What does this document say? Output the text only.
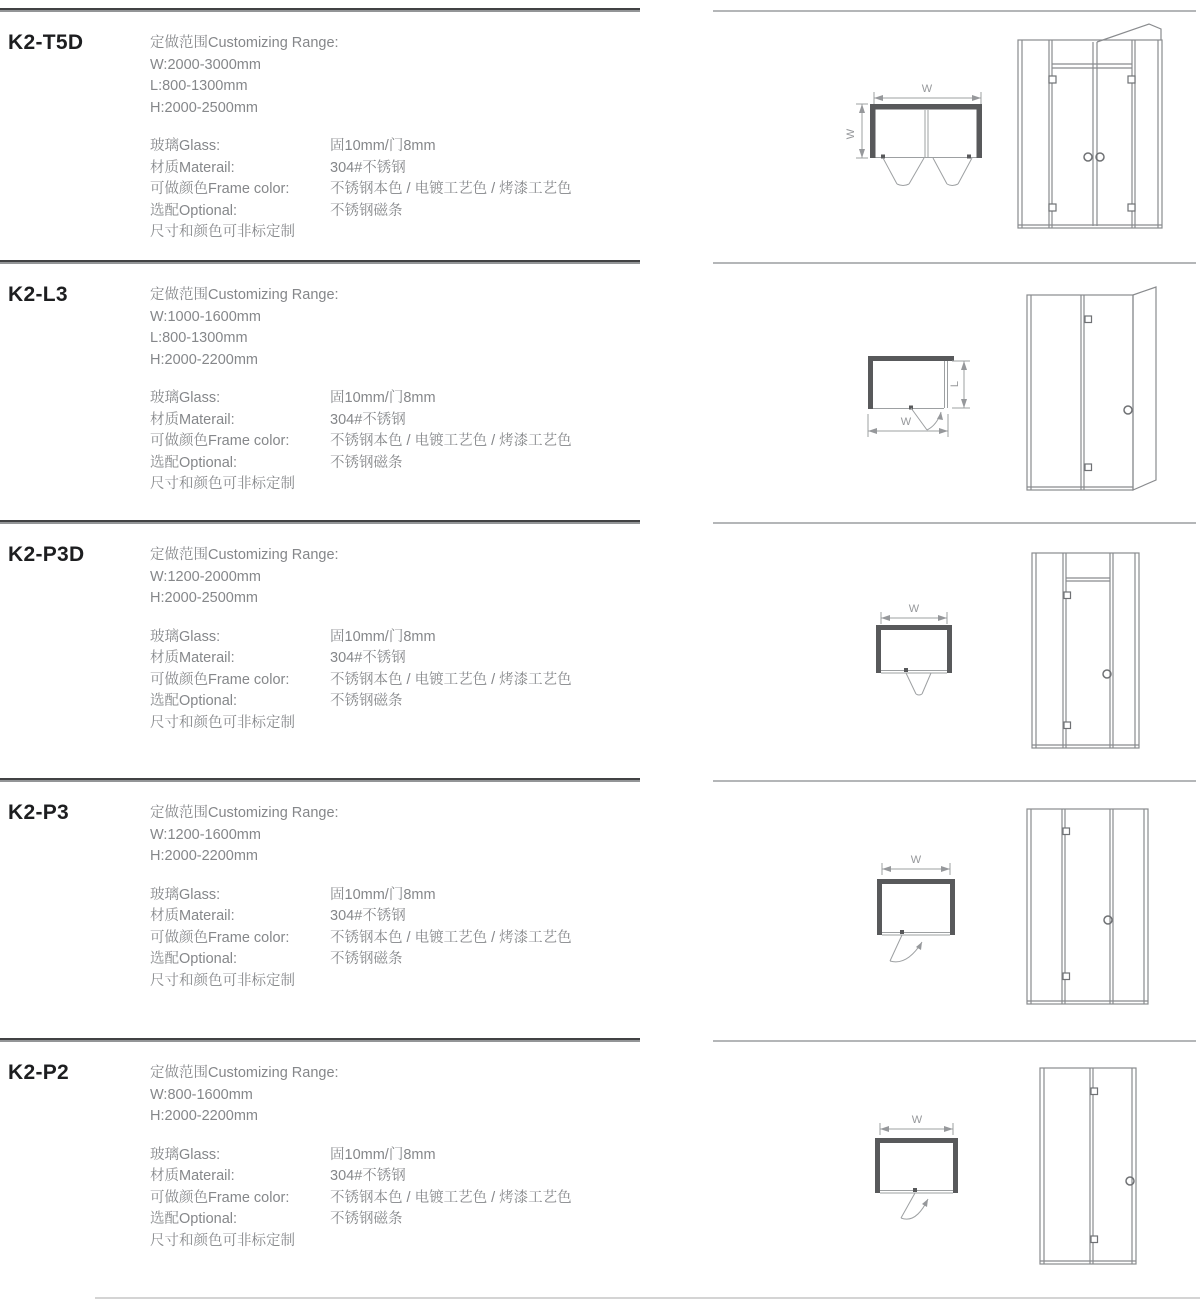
K2-T5D	定做范围Customizing Range:
W:2000-3000mm
L:800-1300mm
H:2000-2500mm
玻璃Glass:	固10mm/门8mm
材质Materail:	304#不锈钢
可做颜色Frame color:	不锈钢本色 / 电镀工艺色 / 烤漆工艺色
选配Optional:	不锈钢磁条
尺寸和颜色可非标定制
W
W
K2-L3	定做范围Customizing Range:
W:1000-1600mm
L:800-1300mm
H:2000-2200mm
玻璃Glass:	固10mm/门8mm
材质Materail:	304#不锈钢
可做颜色Frame color:	不锈钢本色 / 电镀工艺色 / 烤漆工艺色
选配Optional:	不锈钢磁条
尺寸和颜色可非标定制
W
L
K2-P3D	定做范围Customizing Range:
W:1200-2000mm
H:2000-2500mm
玻璃Glass:	固10mm/门8mm
材质Materail:	304#不锈钢
可做颜色Frame color:	不锈钢本色 / 电镀工艺色 / 烤漆工艺色
选配Optional:	不锈钢磁条
尺寸和颜色可非标定制
W
K2-P3	定做范围Customizing Range:
W:1200-1600mm
H:2000-2200mm
玻璃Glass:	固10mm/门8mm
材质Materail:	304#不锈钢
可做颜色Frame color:	不锈钢本色 / 电镀工艺色 / 烤漆工艺色
选配Optional:	不锈钢磁条
尺寸和颜色可非标定制
W
K2-P2	定做范围Customizing Range:
W:800-1600mm
H:2000-2200mm
玻璃Glass:	固10mm/门8mm
材质Materail:	304#不锈钢
可做颜色Frame color:	不锈钢本色 / 电镀工艺色 / 烤漆工艺色
选配Optional:	不锈钢磁条
尺寸和颜色可非标定制
W
